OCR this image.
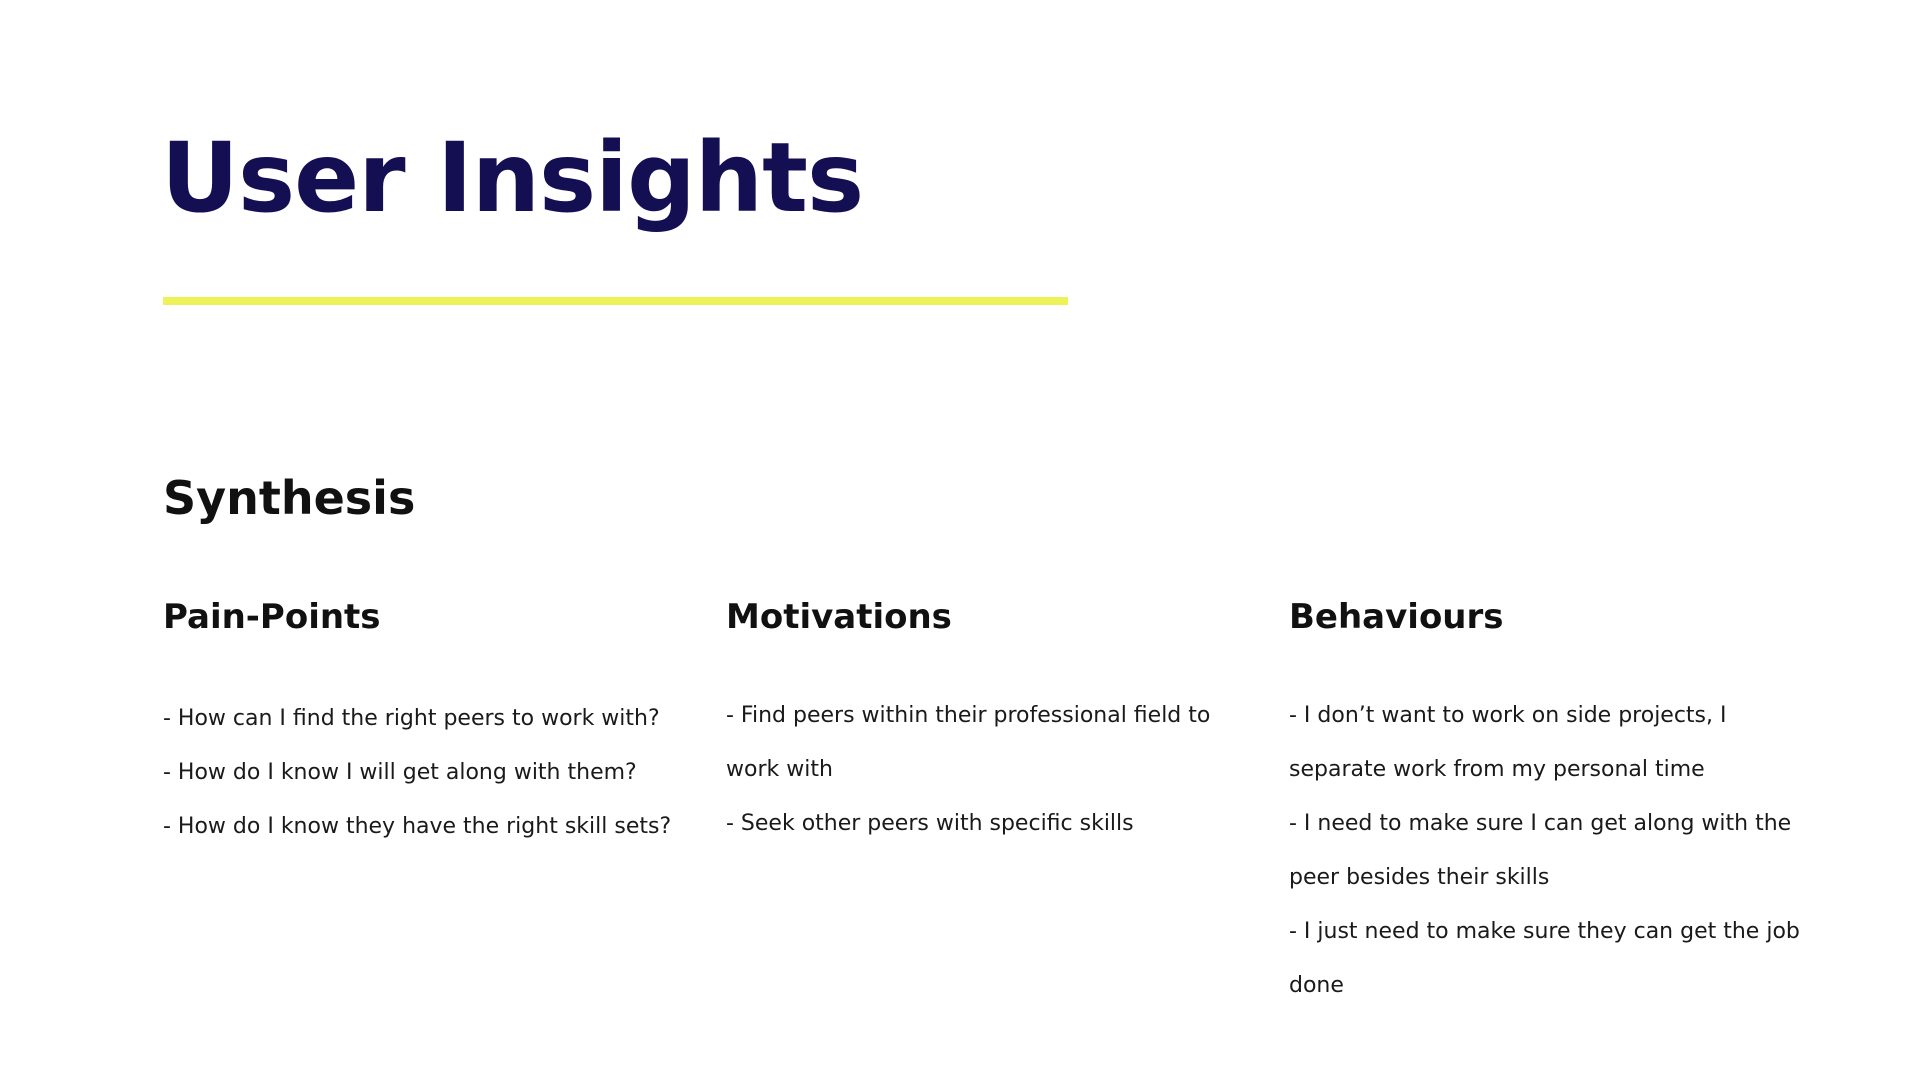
User Insights
Synthesis
Pain-Points
- How can I find the right peers to work with?
- How do I know I will get along with them?
- How do I know they have the right skill sets?
Motivations
- Find peers within their professional field to work with
- Seek other peers with specific skills
Behaviours
- I don’t want to work on side projects, I separate work from my personal time
- I need to make sure I can get along with the peer besides their skills
- I just need to make sure they can get the job done
